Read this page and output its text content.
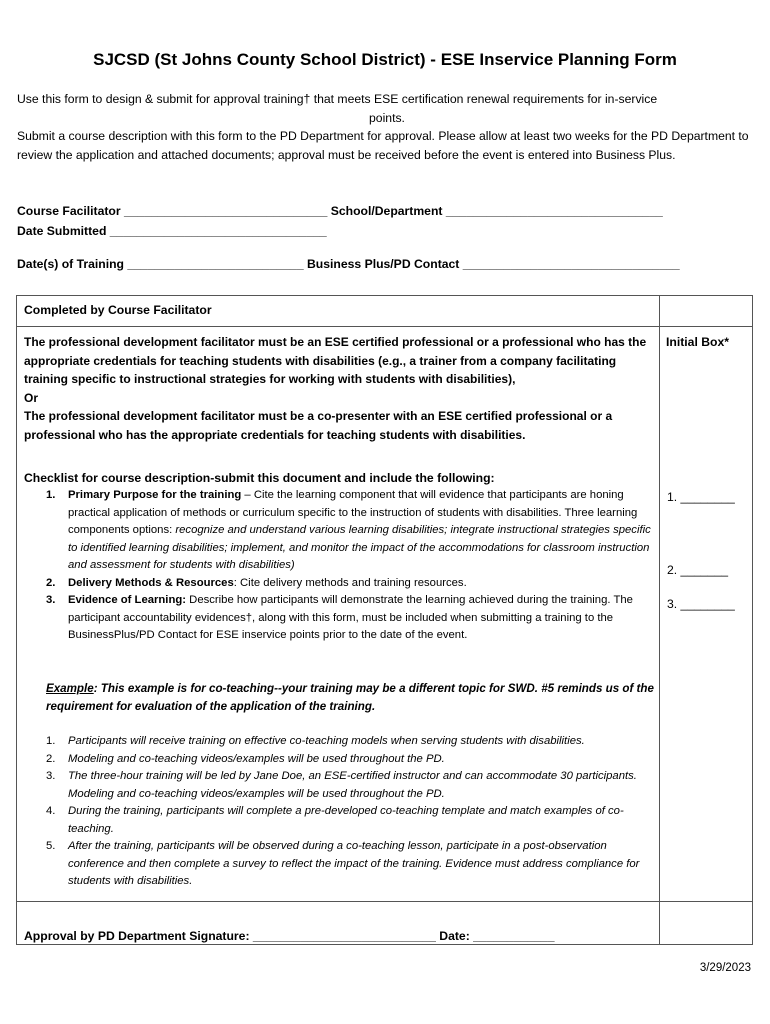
SJCSD (St Johns County School District) - ESE Inservice Planning Form

Use this form to design & submit for approval training† that meets ESE certification renewal requirements for in-service

points.

Submit a course description with this form to the PD Department for approval. Please allow at least two weeks for the PD Department to review the application and attached documents; approval must be received before the event is entered into Business Plus.

Course Facilitator ______________________________ School/Department ________________________________
Date Submitted ________________________________
Date(s) of Training __________________________ Business Plus/PD Contact ________________________________
Completed by Course Facilitator
The professional development facilitator must be an ESE certified professional or a professional who has the appropriate credentials for teaching students with disabilities (e.g., a trainer from a company facilitating training specific to instructional strategies for working with students with disabilities),
Or
The professional development facilitator must be a co-presenter with an ESE certified professional or a professional who has the appropriate credentials for teaching students with disabilities.
Initial Box*
Checklist for course description-submit this document and include the following:
1. Primary Purpose for the training – Cite the learning component that will evidence that participants are honing practical application of methods or curriculum specific to the instruction of students with disabilities. Three learning components options: recognize and understand various learning disabilities; integrate instructional strategies specific to identified learning disabilities; implement, and monitor the impact of the accommodations for classroom instruction and assessment for students with disabilities)
2. Delivery Methods & Resources: Cite delivery methods and training resources.
3. Evidence of Learning: Describe how participants will demonstrate the learning achieved during the training. The participant accountability evidences†, along with this form, must be included when submitting a training to the BusinessPlus/PD Contact for ESE inservice points prior to the date of the event.
1. ________
2. _______
3. ________
Example: This example is for co-teaching--your training may be a different topic for SWD. #5 reminds us of the requirement for evaluation of the application of the training.
1. Participants will receive training on effective co-teaching models when serving students with disabilities.
2. Modeling and co-teaching videos/examples will be used throughout the PD.
3. The three-hour training will be led by Jane Doe, an ESE-certified instructor and can accommodate 30 participants. Modeling and co-teaching videos/examples will be used throughout the PD.
4. During the training, participants will complete a pre-developed co-teaching template and match examples of co-teaching.
5. After the training, participants will be observed during a co-teaching lesson, participate in a post-observation conference and then complete a survey to reflect the impact of the training. Evidence must address compliance for students with disabilities.
Approval by PD Department Signature: ___________________________ Date: ____________
3/29/2023
